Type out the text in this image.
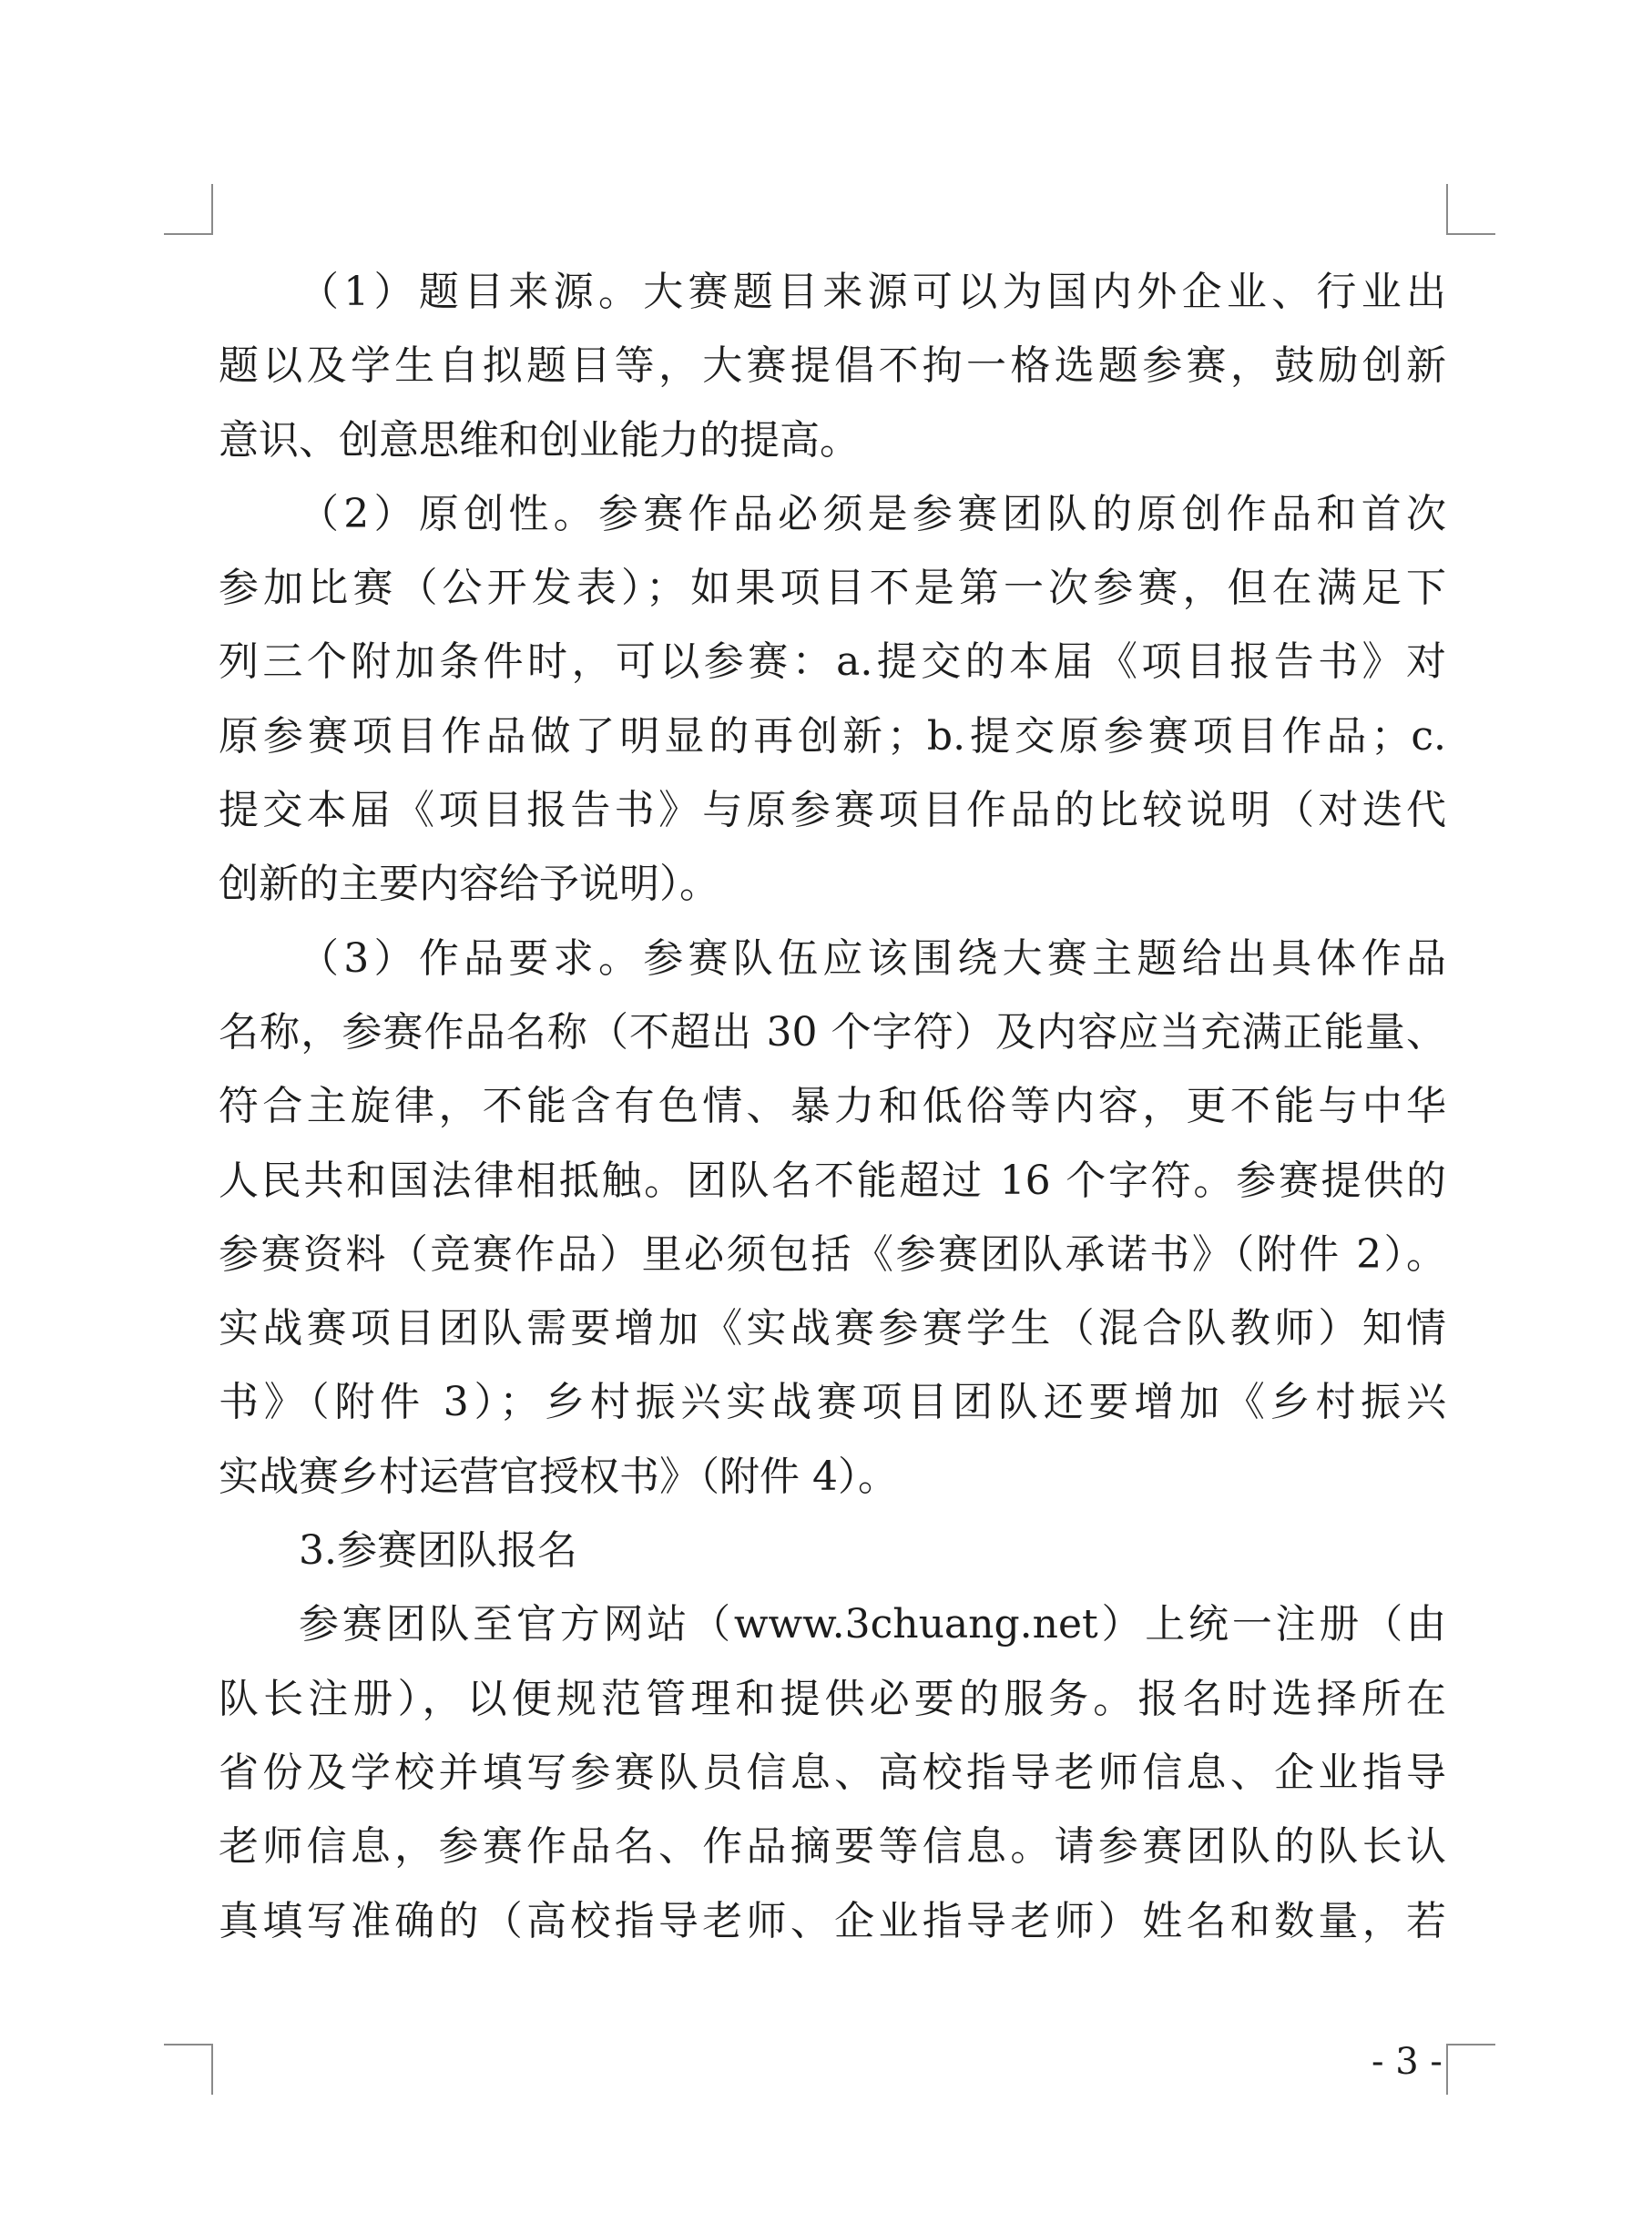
（1）题目来源。大赛题目来源可以为国内外企业、行业出
题以及学生自拟题目等，大赛提倡不拘一格选题参赛，鼓励创新
意识、创意思维和创业能力的提高。
（2）原创性。参赛作品必须是参赛团队的原创作品和首次
参加比赛（公开发表）；如果项目不是第一次参赛，但在满足下
列三个附加条件时，可以参赛：a.提交的本届《项目报告书》对
原参赛项目作品做了明显的再创新；b.提交原参赛项目作品；c.
提交本届《项目报告书》与原参赛项目作品的比较说明（对迭代
创新的主要内容给予说明）。
（3）作品要求。参赛队伍应该围绕大赛主题给出具体作品
名称，参赛作品名称（不超出 30 个字符）及内容应当充满正能量、
符合主旋律，不能含有色情、暴力和低俗等内容，更不能与中华
人民共和国法律相抵触。团队名不能超过 16 个字符。参赛提供的
参赛资料（竞赛作品）里必须包括《参赛团队承诺书》（附件 2）。
实战赛项目团队需要增加《实战赛参赛学生（混合队教师）知情
书》（附件 3）；乡村振兴实战赛项目团队还要增加《乡村振兴
实战赛乡村运营官授权书》（附件 4）。
3.参赛团队报名
参赛团队至官方网站（www.3chuang.net）上统一注册（由
队长注册），以便规范管理和提供必要的服务。报名时选择所在
省份及学校并填写参赛队员信息、高校指导老师信息、企业指导
老师信息，参赛作品名、作品摘要等信息。请参赛团队的队长认
真填写准确的（高校指导老师、企业指导老师）姓名和数量，若
- 3 -
